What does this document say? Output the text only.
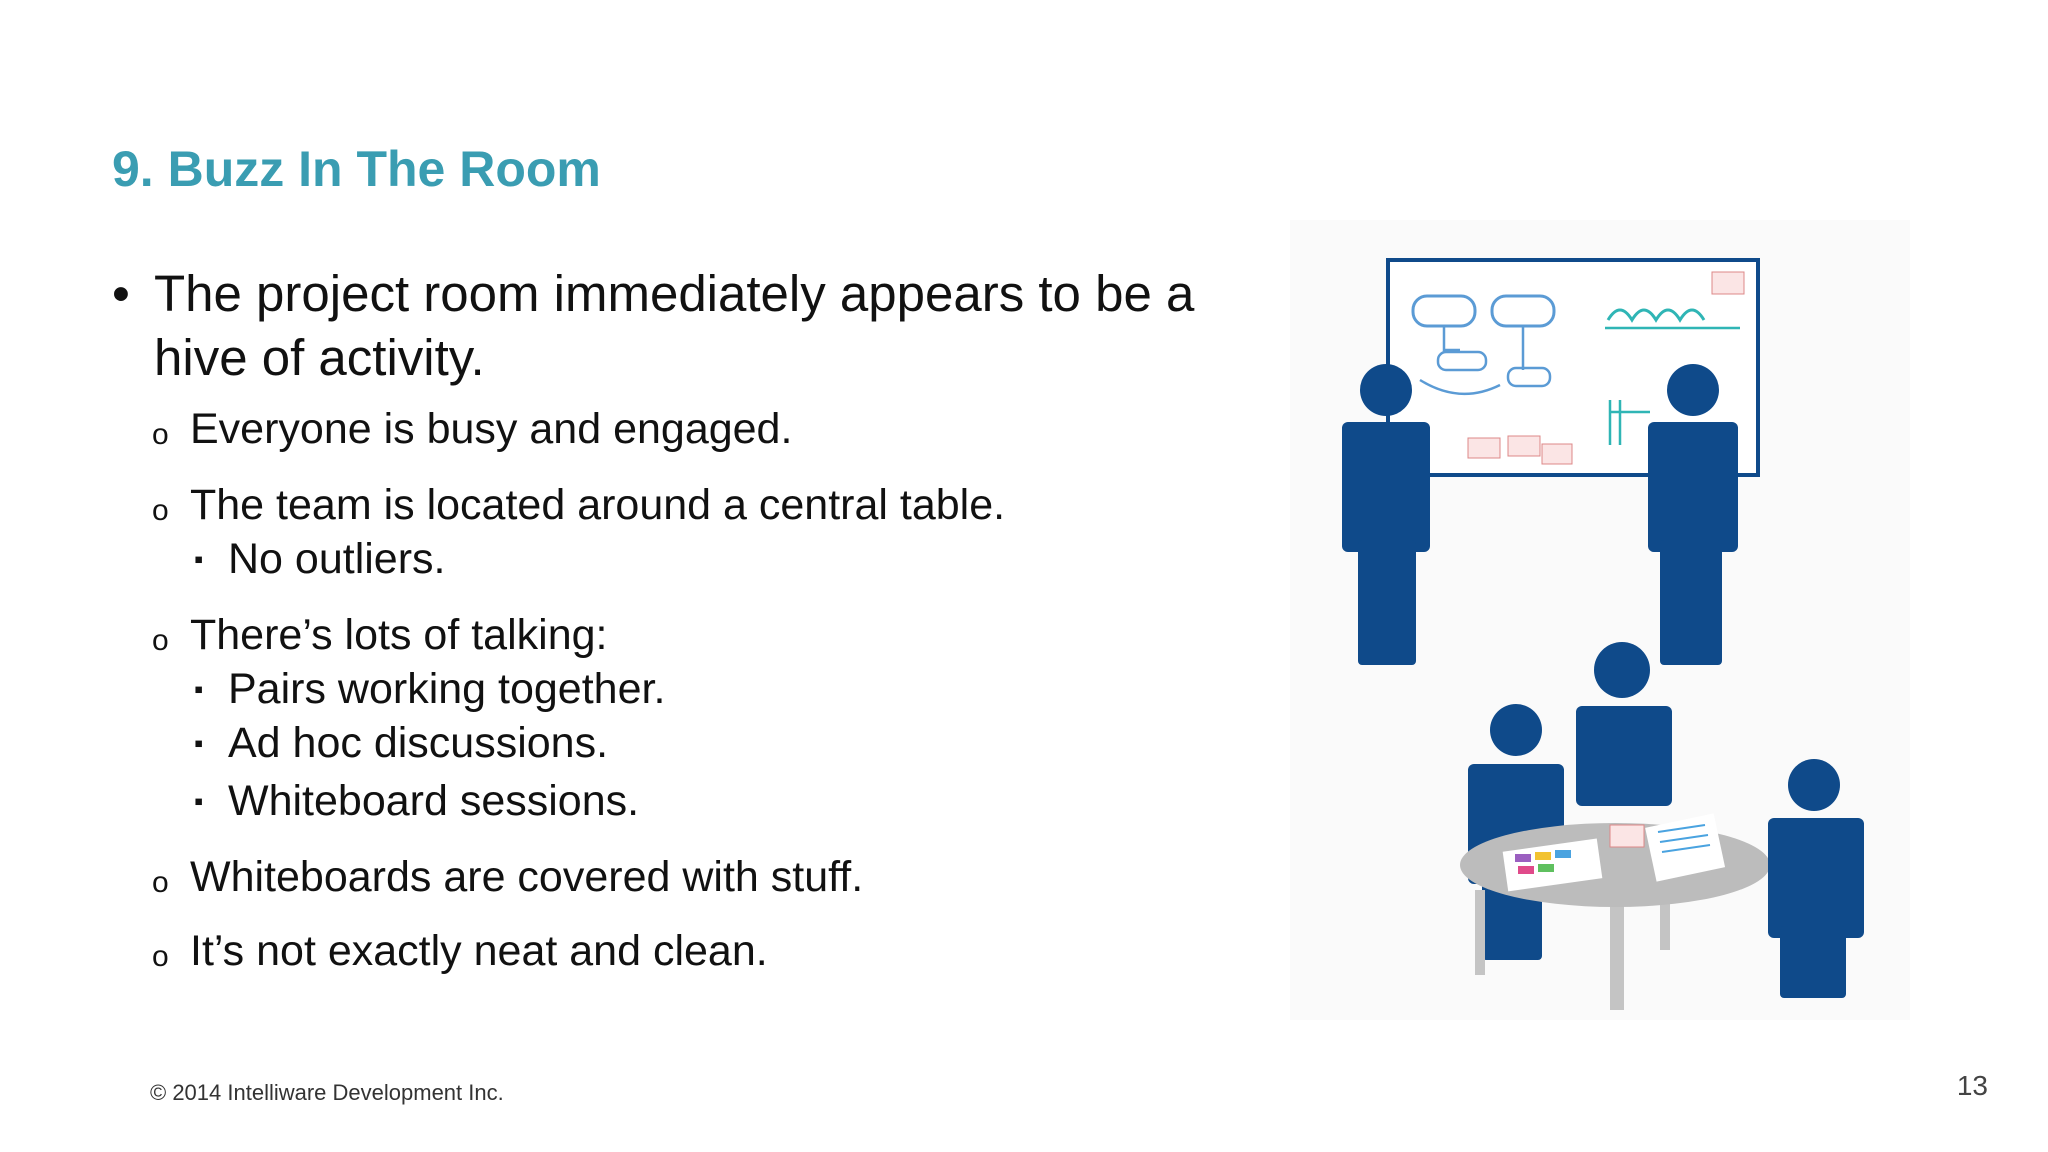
9. Buzz In The Room
• The project room immediately appears to be a hive of activity.
o Everyone is busy and engaged.
o The team is located around a central table.
▪ No outliers.
o There’s lots of talking:
▪ Pairs working together.
▪ Ad hoc discussions.
▪ Whiteboard sessions.
o Whiteboards are covered with stuff.
o It’s not exactly neat and clean.
© 2014 Intelliware Development Inc.	13
